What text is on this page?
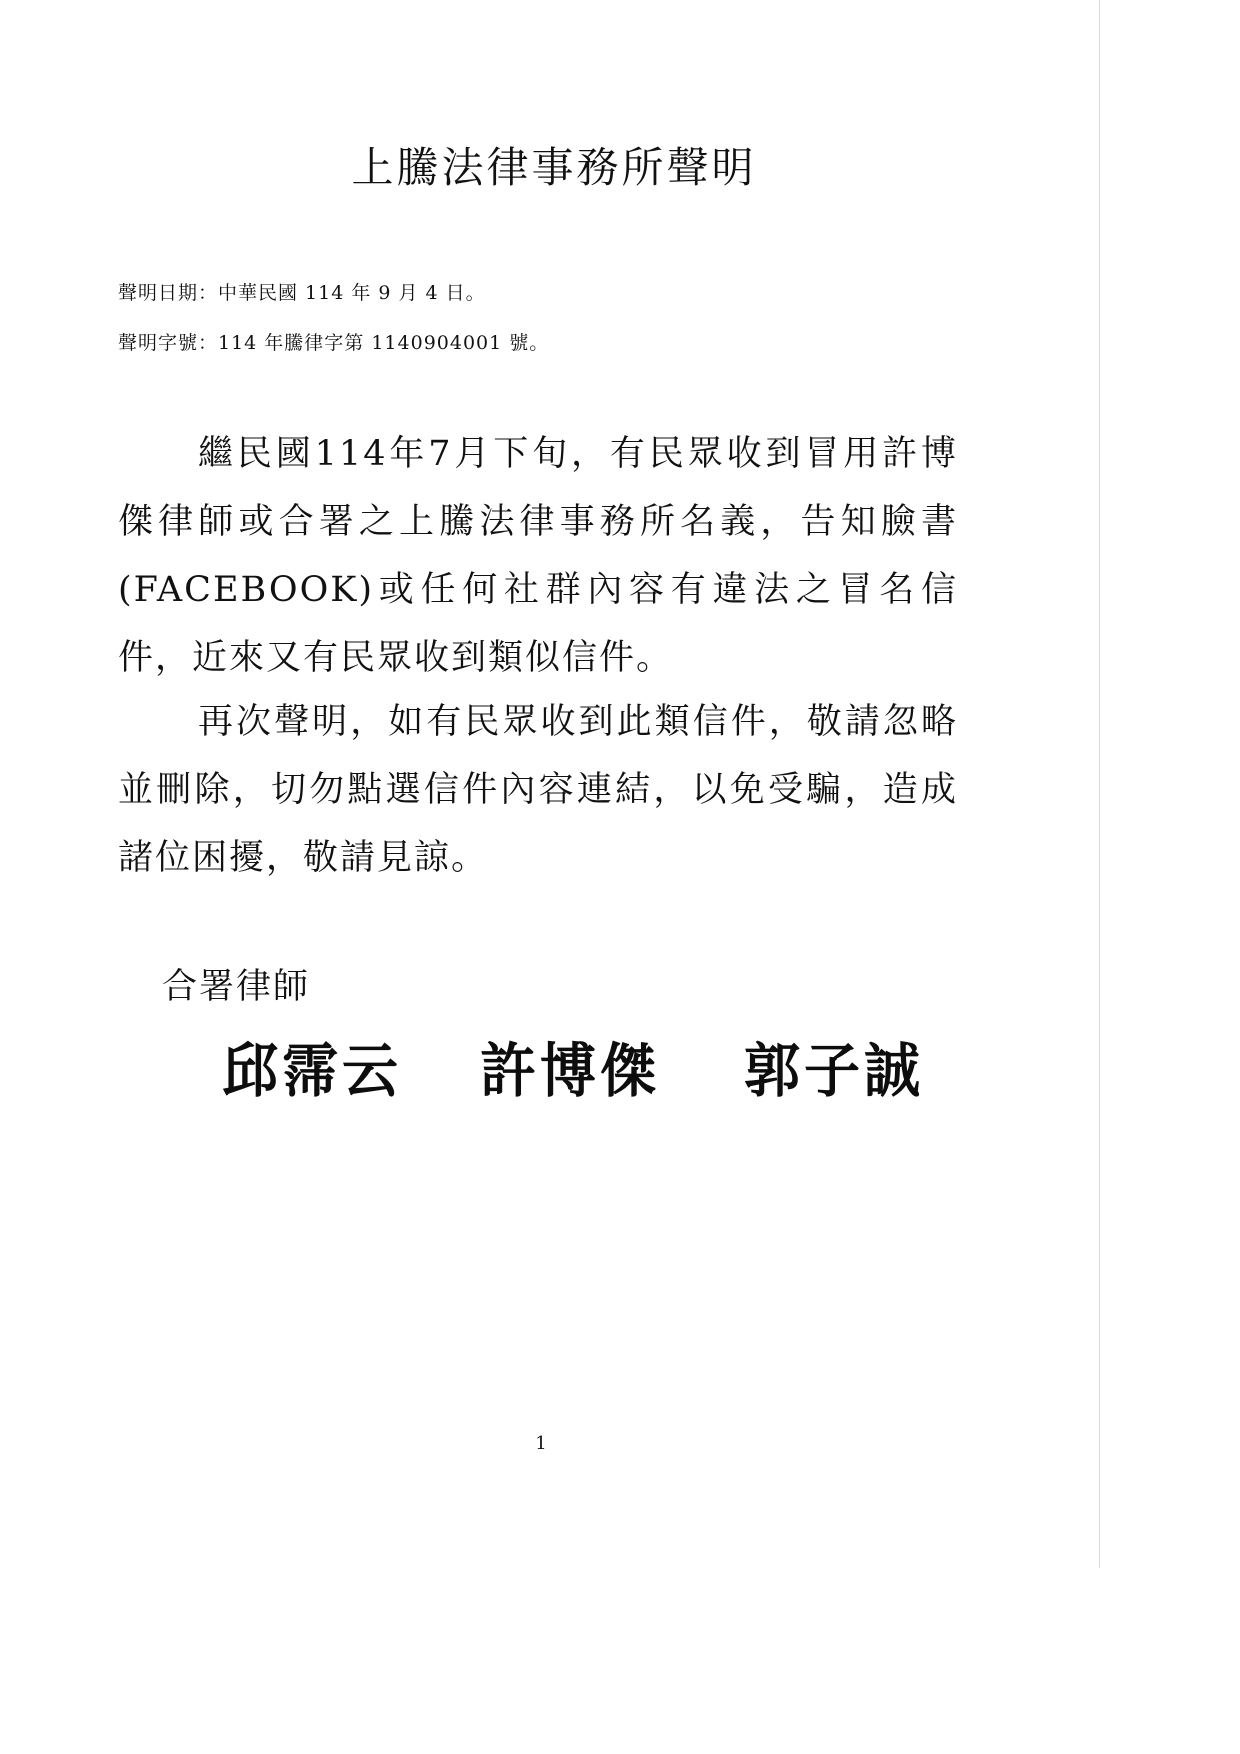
上騰法律事務所聲明

聲明日期：中華民國 114 年 9 月 4 日。

聲明字號：114 年騰律字第 1140904001 號。

繼民國114年7月下旬，有民眾收到冒用許博傑律師或合署之上騰法律事務所名義，告知臉書(FACEBOOK)或任何社群內容有違法之冒名信件，近來又有民眾收到類似信件。

再次聲明，如有民眾收到此類信件，敬請忽略並刪除，切勿點選信件內容連結，以免受騙，造成諸位困擾，敬請見諒。

合署律師

邱霈云 許博傑 郭子誠

1
